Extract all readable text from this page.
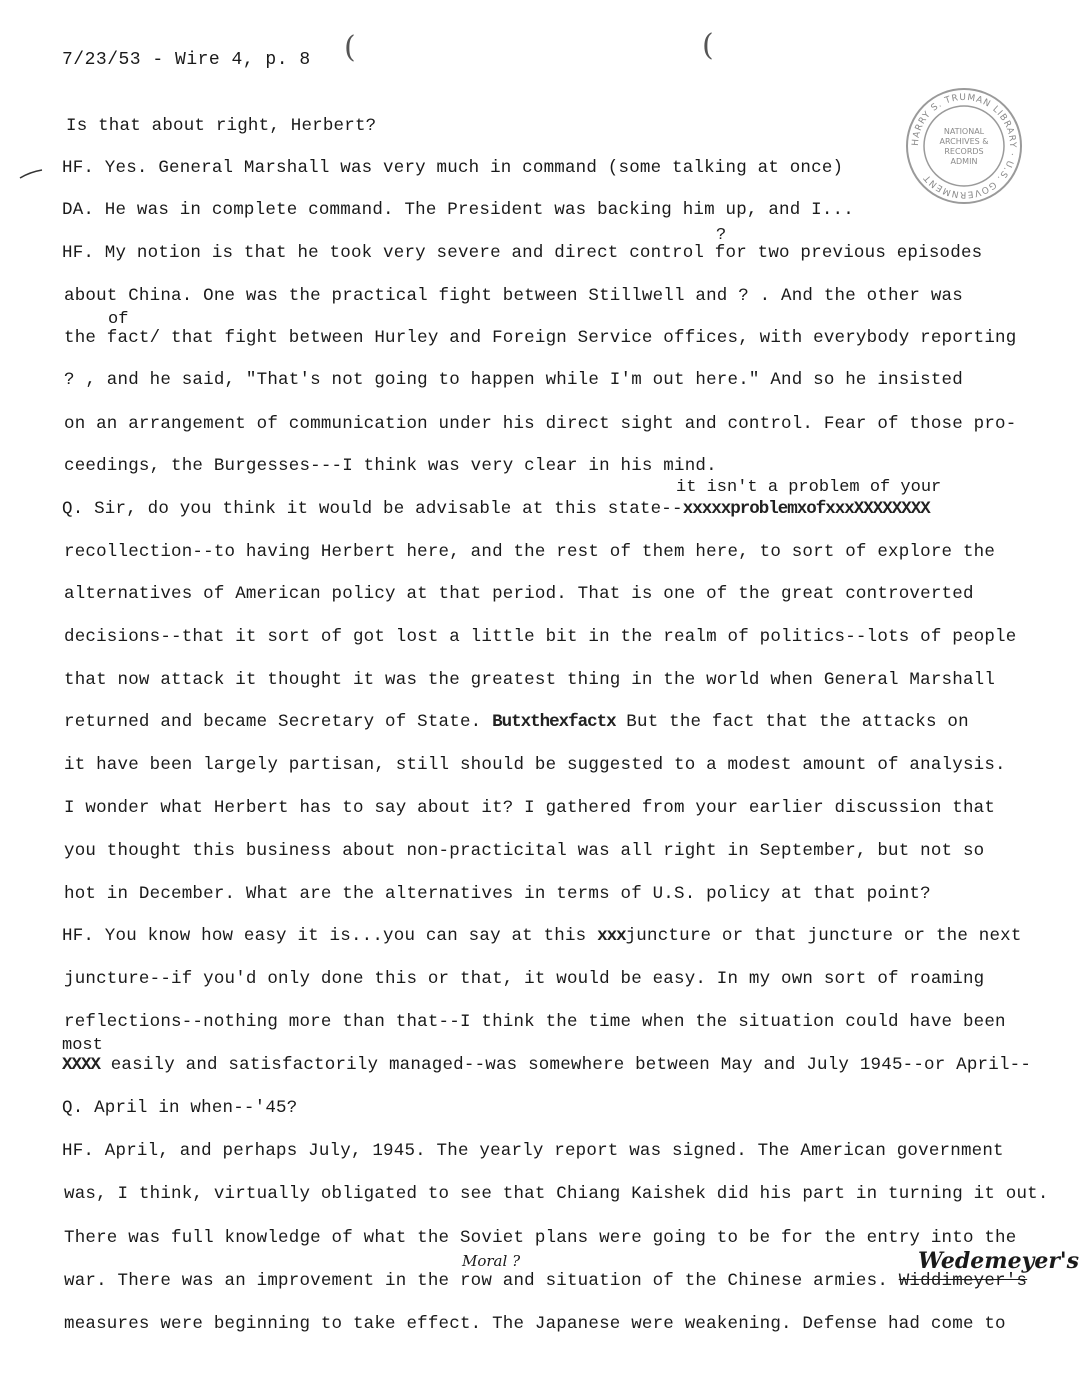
7/23/53 - Wire 4, p. 8 (	(
HARRY S. TRUMAN LIBRARY · U.S. GOVERNMENT
NATIONAL
ARCHIVES &
RECORDS
ADMIN
?
of
it isn't a problem of your
most
Moral ?	Wedemeyer's
Is that about right, Herbert?
HF. Yes. General Marshall was very much in command (some talking at once)
DA. He was in complete command. The President was backing him up, and I...
HF. My notion is that he took very severe and direct control for two previous episodes
about China. One was the practical fight between Stillwell and ? . And the other was
the fact/ that fight between Hurley and Foreign Service offices, with everybody reporting
? , and he said, "That's not going to happen while I'm out here." And so he insisted
on an arrangement of communication under his direct sight and control. Fear of those pro-
ceedings, the Burgesses---I think was very clear in his mind.
Q. Sir, do you think it would be advisable at this state--xxxxxproblemxofxxxXXXXXXXX
recollection--to having Herbert here, and the rest of them here, to sort of explore the
alternatives of American policy at that period. That is one of the great controverted
decisions--that it sort of got lost a little bit in the realm of politics--lots of people
that now attack it thought it was the greatest thing in the world when General Marshall
returned and became Secretary of State. Butxthexfactx But the fact that the attacks on
it have been largely partisan, still should be suggested to a modest amount of analysis.
I wonder what Herbert has to say about it? I gathered from your earlier discussion that
you thought this business about non-practicital was all right in September, but not so
hot in December. What are the alternatives in terms of U.S. policy at that point?
HF. You know how easy it is...you can say at this xxxjuncture or that juncture or the next
juncture--if you'd only done this or that, it would be easy. In my own sort of roaming
reflections--nothing more than that--I think the time when the situation could have been
XXXX easily and satisfactorily managed--was somewhere between May and July 1945--or April--
Q. April in when--'45?
HF. April, and perhaps July, 1945. The yearly report was signed. The American government
was, I think, virtually obligated to see that Chiang Kaishek did his part in turning it out.
There was full knowledge of what the Soviet plans were going to be for the entry into the
war. There was an improvement in the row and situation of the Chinese armies. Widdimeyer's
measures were beginning to take effect. The Japanese were weakening. Defense had come to
